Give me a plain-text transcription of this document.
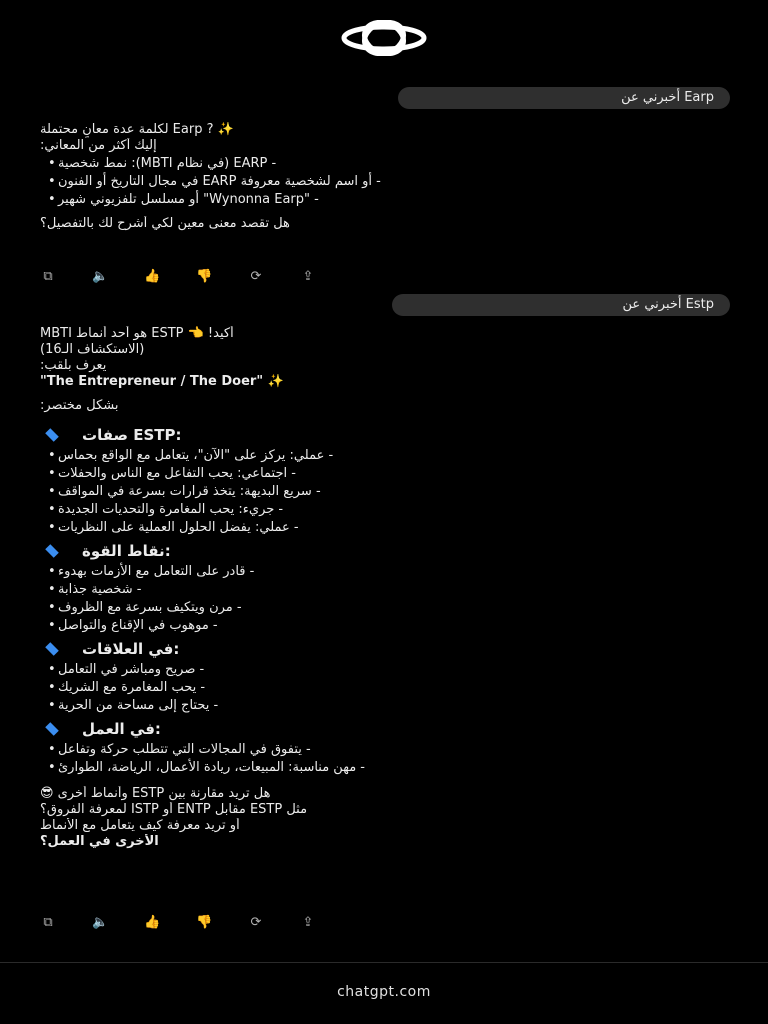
Earp أخبرني عن

✨ ? Earp لكلمة عدة معانٍ محتملة

إليك أكثر من المعاني:

• - EARP (في نظام MBTI): نمط شخصية
• - أو اسم لشخصية معروفة EARP في مجال التاريخ أو الفنون
• - "Wynonna Earp" أو مسلسل تلفزيوني شهير

هل تقصد معنى معين لكي أشرح لك بالتفصيل؟

⧉	🔈	👍	👎	⟳	⇪
Estp أخبرني عن

أكيد! 👈 ESTP هو أحد أنماط MBTI

(الاستكشاف الـ16)

يعرف بلقب:

✨ "The Entrepreneur / The Doer"

بشكل مختصر:

صفات ESTP:
• - عملي: يركز على "الآن"، يتعامل مع الواقع بحماس
• - اجتماعي: يحب التفاعل مع الناس والحفلات
• - سريع البديهة: يتخذ قرارات بسرعة في المواقف
• - جريء: يحب المغامرة والتحديات الجديدة
• - عملي: يفضل الحلول العملية على النظريات
نقاط القوة:
• - قادر على التعامل مع الأزمات بهدوء
• - شخصية جذابة
• - مرن ويتكيف بسرعة مع الظروف
• - موهوب في الإقناع والتواصل
في العلاقات:
• - صريح ومباشر في التعامل
• - يحب المغامرة مع الشريك
• - يحتاج إلى مساحة من الحرية
في العمل:
• - يتفوق في المجالات التي تتطلب حركة وتفاعل
• - مهن مناسبة: المبيعات، ريادة الأعمال، الرياضة، الطوارئ

هل تريد مقارنة بين ESTP وأنماط أخرى 😎

مثل ESTP مقابل ENTP أو ISTP لمعرفة الفروق؟

أو تريد معرفة كيف يتعامل مع الأنماط

الأخرى في العمل؟

⧉	🔈	👍	👎	⟳	⇪
chatgpt.com
